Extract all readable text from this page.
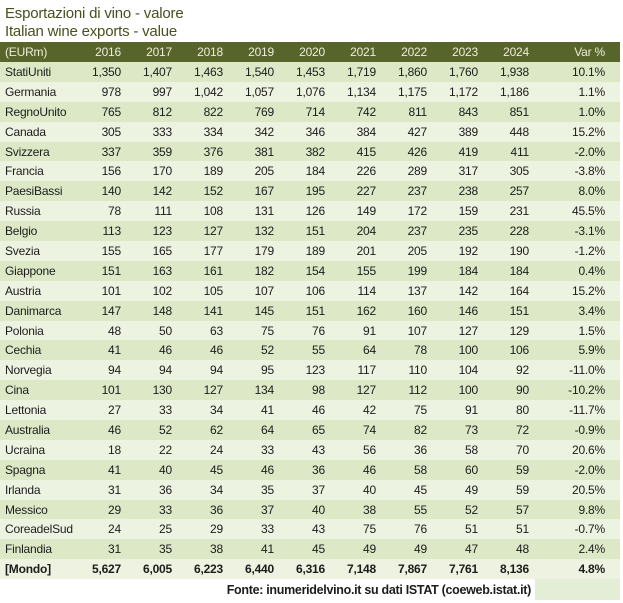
Esportazioni di vino - valore
Italian wine exports - value
(EURm)	2016	2017	2018	2019	2020	2021	2022	2023	2024	Var %
StatiUniti	1,350	1,407	1,463	1,540	1,453	1,719	1,860	1,760	1,938	10.1%
Germania	978	997	1,042	1,057	1,076	1,134	1,175	1,172	1,186	1.1%
RegnoUnito	765	812	822	769	714	742	811	843	851	1.0%
Canada	305	333	334	342	346	384	427	389	448	15.2%
Svizzera	337	359	376	381	382	415	426	419	411	-2.0%
Francia	156	170	189	205	184	226	289	317	305	-3.8%
PaesiBassi	140	142	152	167	195	227	237	238	257	8.0%
Russia	78	111	108	131	126	149	172	159	231	45.5%
Belgio	113	123	127	132	151	204	237	235	228	-3.1%
Svezia	155	165	177	179	189	201	205	192	190	-1.2%
Giappone	151	163	161	182	154	155	199	184	184	0.4%
Austria	101	102	105	107	106	114	137	142	164	15.2%
Danimarca	147	148	141	145	151	162	160	146	151	3.4%
Polonia	48	50	63	75	76	91	107	127	129	1.5%
Cechia	41	46	46	52	55	64	78	100	106	5.9%
Norvegia	94	94	94	95	123	117	110	104	92	-11.0%
Cina	101	130	127	134	98	127	112	100	90	-10.2%
Lettonia	27	33	34	41	46	42	75	91	80	-11.7%
Australia	46	52	62	64	65	74	82	73	72	-0.9%
Ucraina	18	22	24	33	43	56	36	58	70	20.6%
Spagna	41	40	45	46	36	46	58	60	59	-2.0%
Irlanda	31	36	34	35	37	40	45	49	59	20.5%
Messico	29	33	36	37	40	38	55	52	57	9.8%
CoreadelSud	24	25	29	33	43	75	76	51	51	-0.7%
Finlandia	31	35	38	41	45	49	49	47	48	2.4%
[Mondo]	5,627	6,005	6,223	6,440	6,316	7,148	7,867	7,761	8,136	4.8%
Fonte: inumeridelvino.it su dati ISTAT (coeweb.istat.it)										
